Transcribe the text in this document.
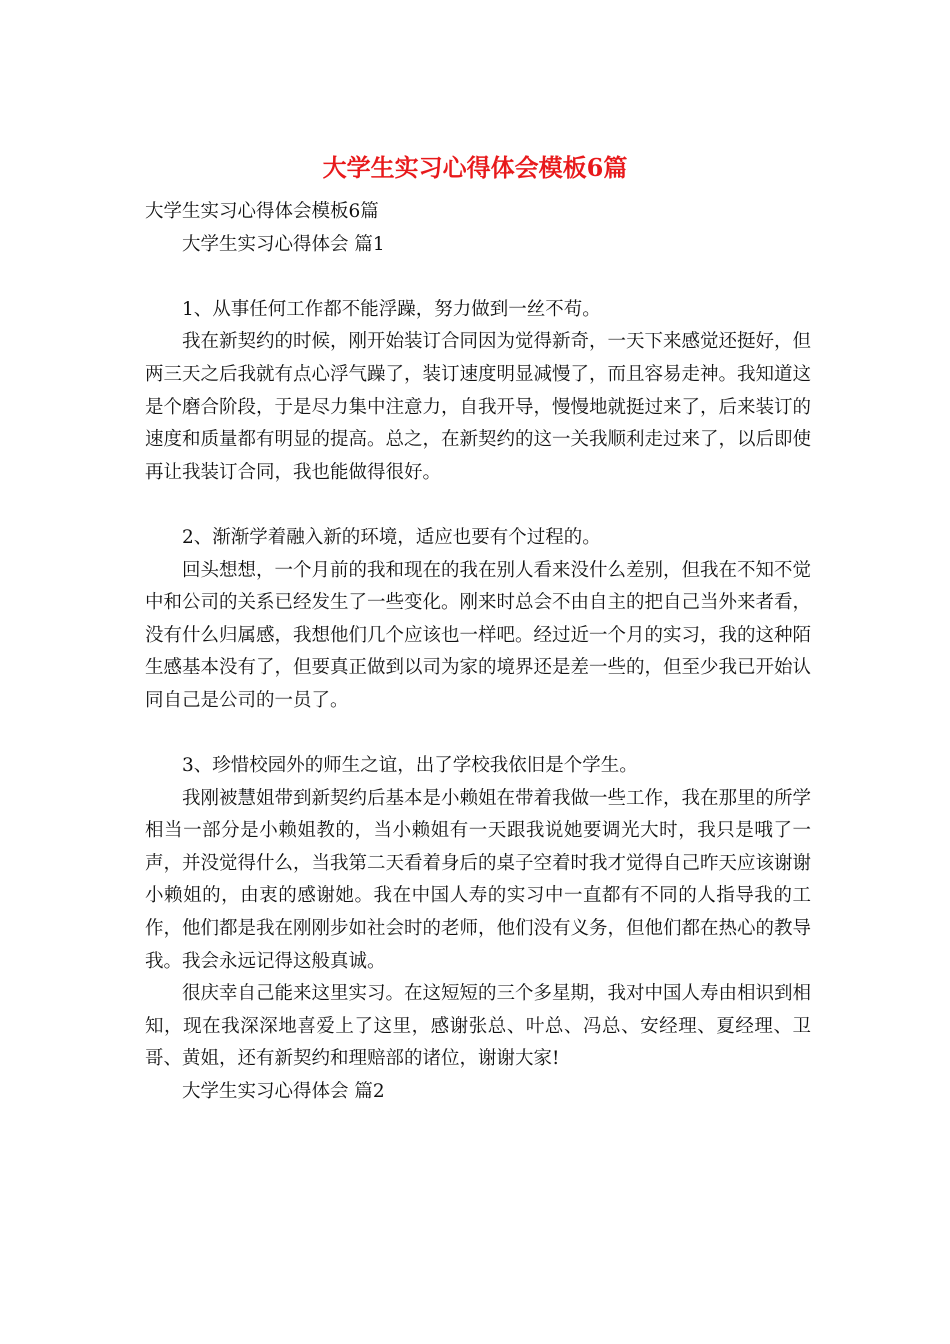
大学生实习心得体会模板6篇

大学生实习心得体会模板6篇

大学生实习心得体会 篇1

1、从事任何工作都不能浮躁，努力做到一丝不苟。

我在新契约的时候，刚开始装订合同因为觉得新奇，一天下来感觉还挺好，但两三天之后我就有点心浮气躁了，装订速度明显减慢了，而且容易走神。我知道这是个磨合阶段，于是尽力集中注意力，自我开导，慢慢地就挺过来了，后来装订的速度和质量都有明显的提高。总之，在新契约的这一关我顺利走过来了，以后即使再让我装订合同，我也能做得很好。

2、渐渐学着融入新的环境，适应也要有个过程的。

回头想想，一个月前的我和现在的我在别人看来没什么差别，但我在不知不觉中和公司的关系已经发生了一些变化。刚来时总会不由自主的把自己当外来者看，没有什么归属感，我想他们几个应该也一样吧。经过近一个月的实习，我的这种陌生感基本没有了，但要真正做到以司为家的境界还是差一些的，但至少我已开始认同自己是公司的一员了。

3、珍惜校园外的师生之谊，出了学校我依旧是个学生。

我刚被慧姐带到新契约后基本是小赖姐在带着我做一些工作，我在那里的所学相当一部分是小赖姐教的，当小赖姐有一天跟我说她要调光大时，我只是哦了一声，并没觉得什么，当我第二天看着身后的桌子空着时我才觉得自己昨天应该谢谢小赖姐的，由衷的感谢她。我在中国人寿的实习中一直都有不同的人指导我的工作，他们都是我在刚刚步如社会时的老师，他们没有义务，但他们都在热心的教导我。我会永远记得这般真诚。

很庆幸自己能来这里实习。在这短短的三个多星期，我对中国人寿由相识到相知，现在我深深地喜爱上了这里，感谢张总、叶总、冯总、安经理、夏经理、卫哥、黄姐，还有新契约和理赔部的诸位，谢谢大家!

大学生实习心得体会 篇2
